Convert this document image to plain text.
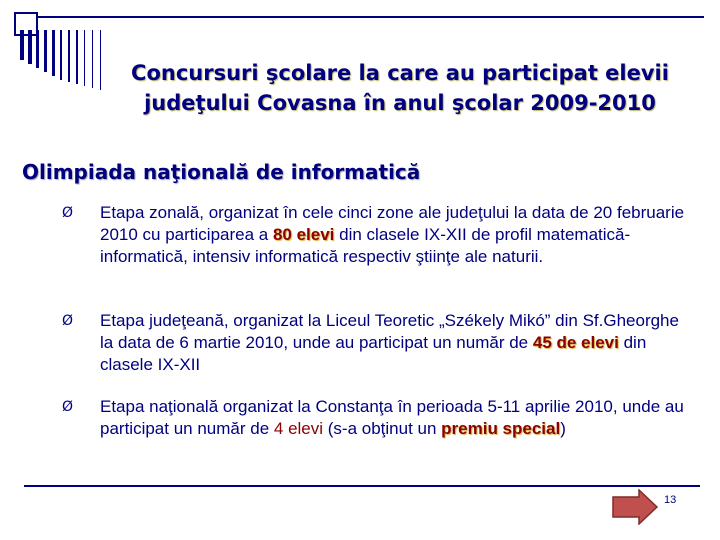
Concursuri şcolare la care au participat elevii
judeţului Covasna în anul şcolar 2009-2010
Olimpiada naţională de informatică
Ø Etapa zonală, organizat în cele cinci zone ale judeţului la data de 20 februarie 2010 cu participarea a 80 elevi din clasele IX-XII de profil matematică-informatică, intensiv informatică respectiv ştiinţe ale naturii.
Ø Etapa judeţeană, organizat la Liceul Teoretic „Székely Mikó” din Sf.Gheorghe la data de 6 martie 2010, unde au participat un număr de 45 de elevi din clasele IX-XII
Ø Etapa naţională organizat la Constanţa în perioada 5-11 aprilie 2010, unde au participat un număr de 4 elevi (s-a obţinut un premiu special)
13
